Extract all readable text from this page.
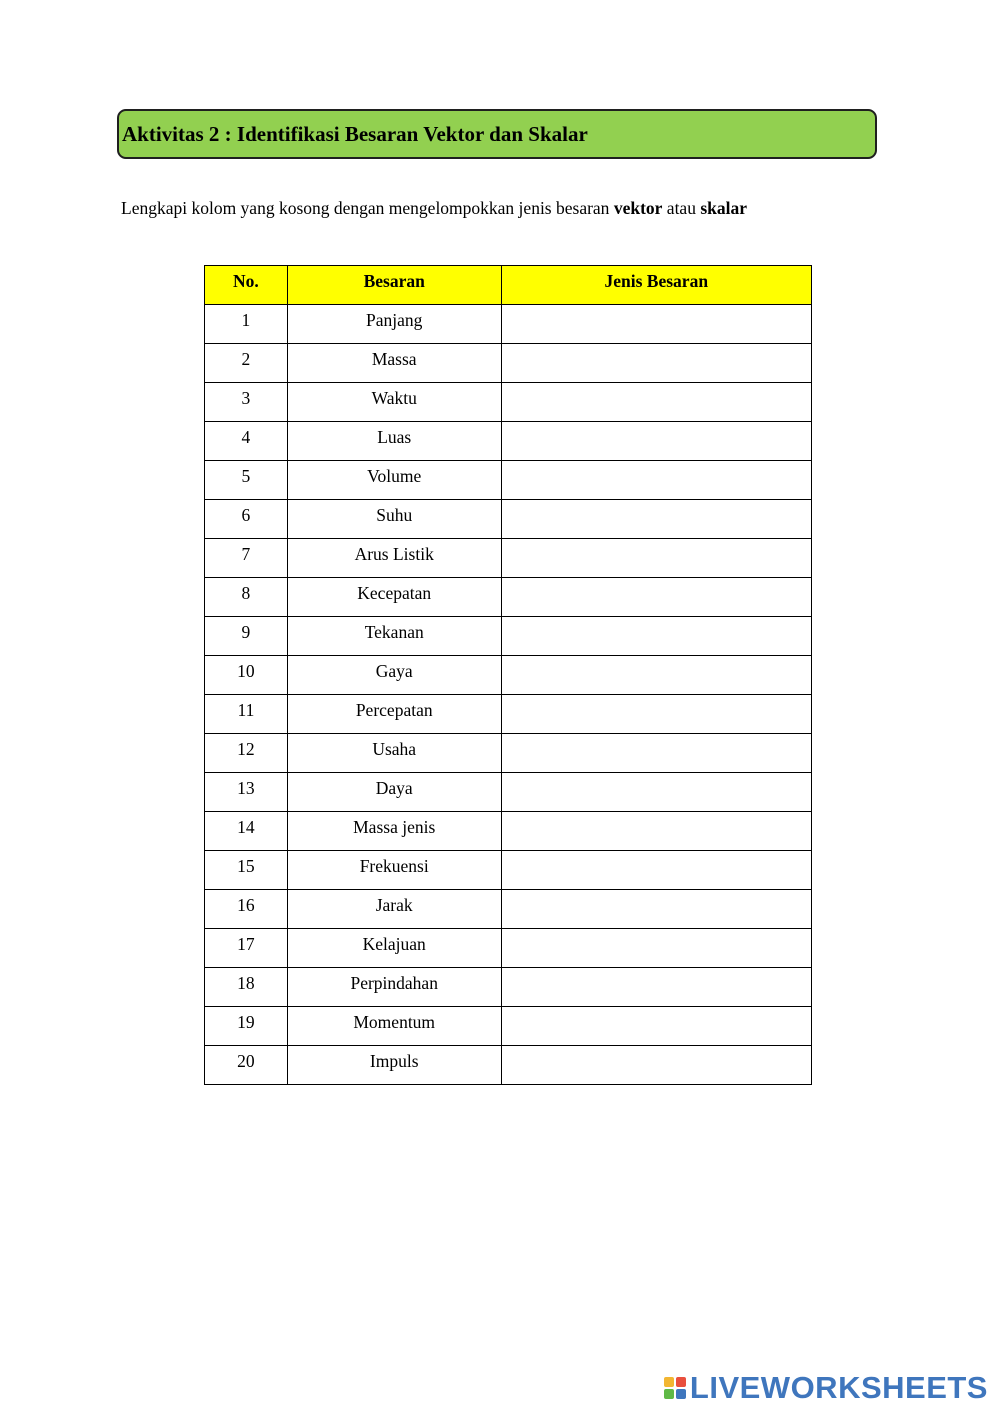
Aktivitas 2 : Identifikasi Besaran Vektor dan Skalar
Lengkapi kolom yang kosong dengan mengelompokkan jenis besaran vektor atau skalar
No.	Besaran	Jenis Besaran
1	Panjang	
2	Massa	
3	Waktu	
4	Luas	
5	Volume	
6	Suhu	
7	Arus Listik	
8	Kecepatan	
9	Tekanan	
10	Gaya	
11	Percepatan	
12	Usaha	
13	Daya	
14	Massa jenis	
15	Frekuensi	
16	Jarak	
17	Kelajuan	
18	Perpindahan	
19	Momentum	
20	Impuls	
LIVEWORKSHEETS
